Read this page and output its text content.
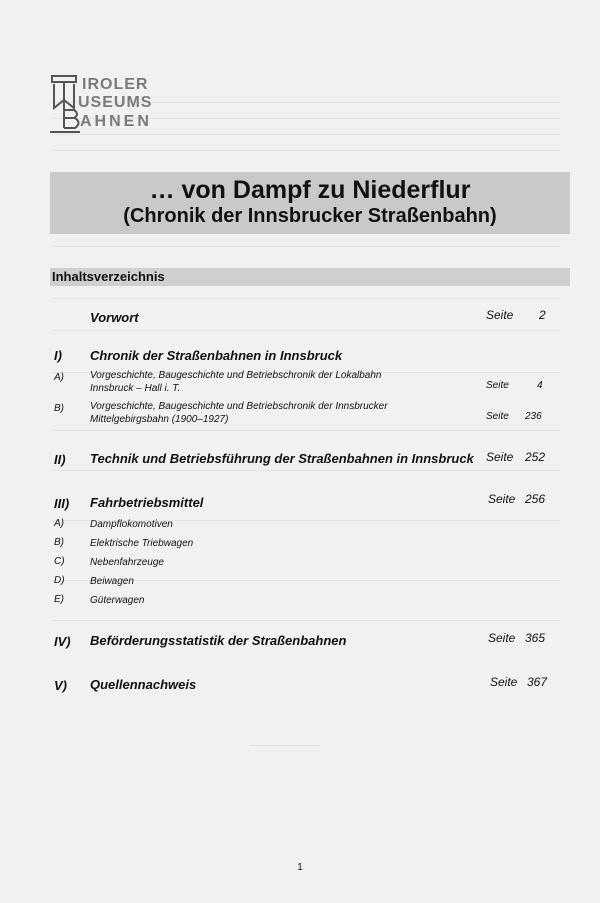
IROLER
USEUMS
AHNEN
… von Dampf zu Niederflur
(Chronik der Innsbrucker Straßenbahn)
Inhaltsverzeichnis
Vorwort	Seite 2
I) Chronik der Straßenbahnen in Innsbruck
A)	Vorgeschichte, Baugeschichte und Betriebschronik der Lokalbahn
Innsbruck – Hall i. T.	Seite	4
B)	Vorgeschichte, Baugeschichte und Betriebschronik der Innsbrucker
Mittelgebirgsbahn (1900–1927)	Seite 236
II) Technik und Betriebsführung der Straßenbahnen in Innsbruck Seite 252
III) Fahrbetriebsmittel	Seite 256
A)	Dampflokomotiven
B)	Elektrische Triebwagen
C)	Nebenfahrzeuge
D)	Beiwagen
E)	Güterwagen
IV) Beförderungsstatistik der Straßenbahnen	Seite 365
V) Quellennachweis	Seite 367
1
